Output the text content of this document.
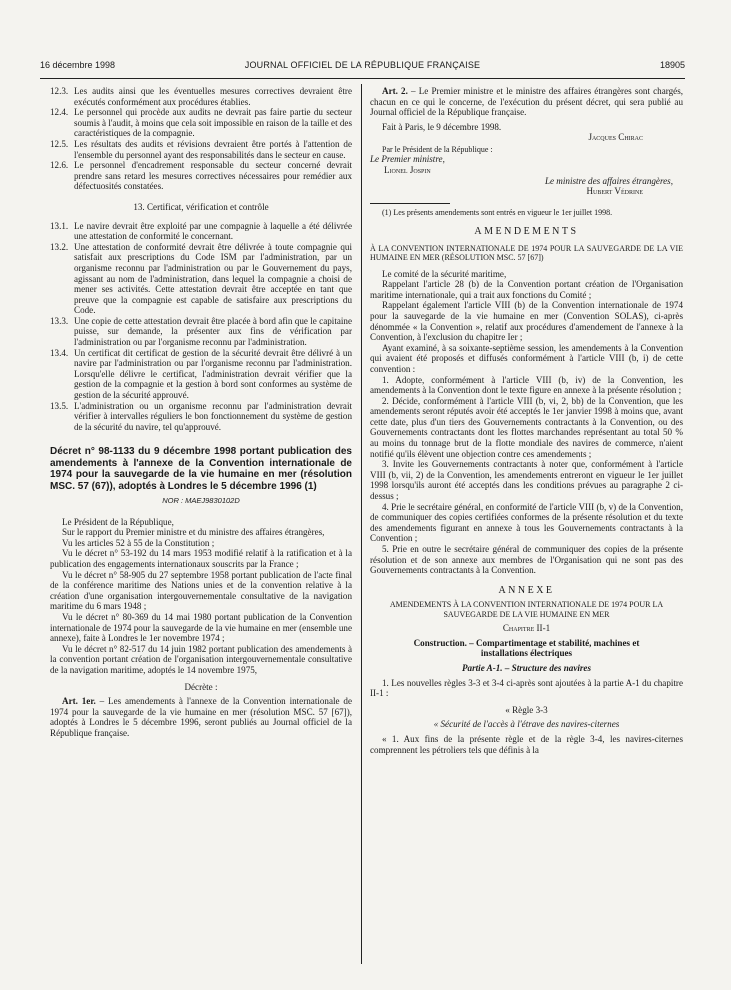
16 décembre 1998	JOURNAL OFFICIEL DE LA RÉPUBLIQUE FRANÇAISE	18905
12.3. Les audits ainsi que les éventuelles mesures correctives devraient être exécutés conformément aux procédures établies.
12.4. Le personnel qui procède aux audits ne devrait pas faire partie du secteur soumis à l'audit, à moins que cela soit impossible en raison de la taille et des caractéristiques de la compagnie.
12.5. Les résultats des audits et révisions devraient être portés à l'attention de l'ensemble du personnel ayant des responsabilités dans le secteur en cause.
12.6. Le personnel d'encadrement responsable du secteur concerné devrait prendre sans retard les mesures correctives nécessaires pour remédier aux défectuosités constatées.

13. Certificat, vérification et contrôle

13.1. Le navire devrait être exploité par une compagnie à laquelle a été délivrée une attestation de conformité le concernant.
13.2. Une attestation de conformité devrait être délivrée à toute compagnie qui satisfait aux prescriptions du Code ISM par l'administration, par un organisme reconnu par l'administration ou par le Gouvernement du pays, agissant au nom de l'administration, dans lequel la compagnie a choisi de mener ses activités. Cette attestation devrait être acceptée en tant que preuve que la compagnie est capable de satisfaire aux prescriptions du Code.
13.3. Une copie de cette attestation devrait être placée à bord afin que le capitaine puisse, sur demande, la présenter aux fins de vérification par l'administration ou par l'organisme reconnu par l'administration.
13.4. Un certificat dit certificat de gestion de la sécurité devrait être délivré à un navire par l'administration ou par l'organisme reconnu par l'administration. Lorsqu'elle délivre le certificat, l'administration devrait vérifier que la gestion de la compagnie et la gestion à bord sont conformes au système de gestion de la sécurité approuvé.
13.5. L'administration ou un organisme reconnu par l'administration devrait vérifier à intervalles réguliers le bon fonctionnement du système de gestion de la sécurité du navire, tel qu'approuvé.

Décret n° 98-1133 du 9 décembre 1998 portant publication des amendements à l'annexe de la Convention internationale de 1974 pour la sauvegarde de la vie humaine en mer (résolution MSC. 57 (67)), adoptés à Londres le 5 décembre 1996 (1)

NOR : MAEJ9830102D

Le Président de la République,

Sur le rapport du Premier ministre et du ministre des affaires étrangères,

Vu les articles 52 à 55 de la Constitution ;

Vu le décret n° 53-192 du 14 mars 1953 modifié relatif à la ratification et à la publication des engagements internationaux souscrits par la France ;

Vu le décret n° 58-905 du 27 septembre 1958 portant publication de l'acte final de la conférence maritime des Nations unies et de la convention relative à la création d'une organisation intergouvernementale consultative de la navigation maritime du 6 mars 1948 ;

Vu le décret n° 80-369 du 14 mai 1980 portant publication de la Convention internationale de 1974 pour la sauvegarde de la vie humaine en mer (ensemble une annexe), faite à Londres le 1er novembre 1974 ;

Vu le décret n° 82-517 du 14 juin 1982 portant publication des amendements à la convention portant création de l'organisation intergouvernementale consultative de la navigation maritime, adoptés le 14 novembre 1975,

Décrète :

Art. 1er. – Les amendements à l'annexe de la Convention internationale de 1974 pour la sauvegarde de la vie humaine en mer (résolution MSC. 57 [67]), adoptés à Londres le 5 décembre 1996, seront publiés au Journal officiel de la République française.

Art. 2. – Le Premier ministre et le ministre des affaires étrangères sont chargés, chacun en ce qui le concerne, de l'exécution du présent décret, qui sera publié au Journal officiel de la République française.

Fait à Paris, le 9 décembre 1998.

Jacques Chirac

Par le Président de la République :

Le Premier ministre,

Lionel Jospin

Le ministre des affaires étrangères,

Hubert Védrine

(1) Les présents amendements sont entrés en vigueur le 1er juillet 1998.

AMENDEMENTS

À LA CONVENTION INTERNATIONALE DE 1974 POUR LA SAUVEGARDE DE LA VIE HUMAINE EN MER (RÉSOLUTION MSC. 57 [67])

Le comité de la sécurité maritime,

Rappelant l'article 28 (b) de la Convention portant création de l'Organisation maritime internationale, qui a trait aux fonctions du Comité ;

Rappelant également l'article VIII (b) de la Convention internationale de 1974 pour la sauvegarde de la vie humaine en mer (Convention SOLAS), ci-après dénommée « la Convention », relatif aux procédures d'amendement de l'annexe à la Convention, à l'exclusion du chapitre Ier ;

Ayant examiné, à sa soixante-septième session, les amendements à la Convention qui avaient été proposés et diffusés conformément à l'article VIII (b, i) de cette convention :

1. Adopte, conformément à l'article VIII (b, iv) de la Convention, les amendements à la Convention dont le texte figure en annexe à la présente résolution ;

2. Décide, conformément à l'article VIII (b, vi, 2, bb) de la Convention, que les amendements seront réputés avoir été acceptés le 1er janvier 1998 à moins que, avant cette date, plus d'un tiers des Gouvernements contractants à la Convention, ou des Gouvernements contractants dont les flottes marchandes représentant au total 50 % au moins du tonnage brut de la flotte mondiale des navires de commerce, n'aient notifié qu'ils élèvent une objection contre ces amendements ;

3. Invite les Gouvernements contractants à noter que, conformément à l'article VIII (b, vii, 2) de la Convention, les amendements entreront en vigueur le 1er juillet 1998 lorsqu'ils auront été acceptés dans les conditions prévues au paragraphe 2 ci-dessus ;

4. Prie le secrétaire général, en conformité de l'article VIII (b, v) de la Convention, de communiquer des copies certifiées conformes de la présente résolution et du texte des amendements figurant en annexe à tous les Gouvernements contractants à la Convention ;

5. Prie en outre le secrétaire général de communiquer des copies de la présente résolution et de son annexe aux membres de l'Organisation qui ne sont pas des Gouvernements contractants à la Convention.

ANNEXE

AMENDEMENTS À LA CONVENTION INTERNATIONALE DE 1974 POUR LA SAUVEGARDE DE LA VIE HUMAINE EN MER

Chapitre II-1

Construction. – Compartimentage et stabilité, machines et installations électriques

Partie A-1. – Structure des navires

1. Les nouvelles règles 3-3 et 3-4 ci-après sont ajoutées à la partie A-1 du chapitre II-1 :

« Règle 3-3

« Sécurité de l'accès à l'étrave des navires-citernes

« 1. Aux fins de la présente règle et de la règle 3-4, les navires-citernes comprennent les pétroliers tels que définis à la
